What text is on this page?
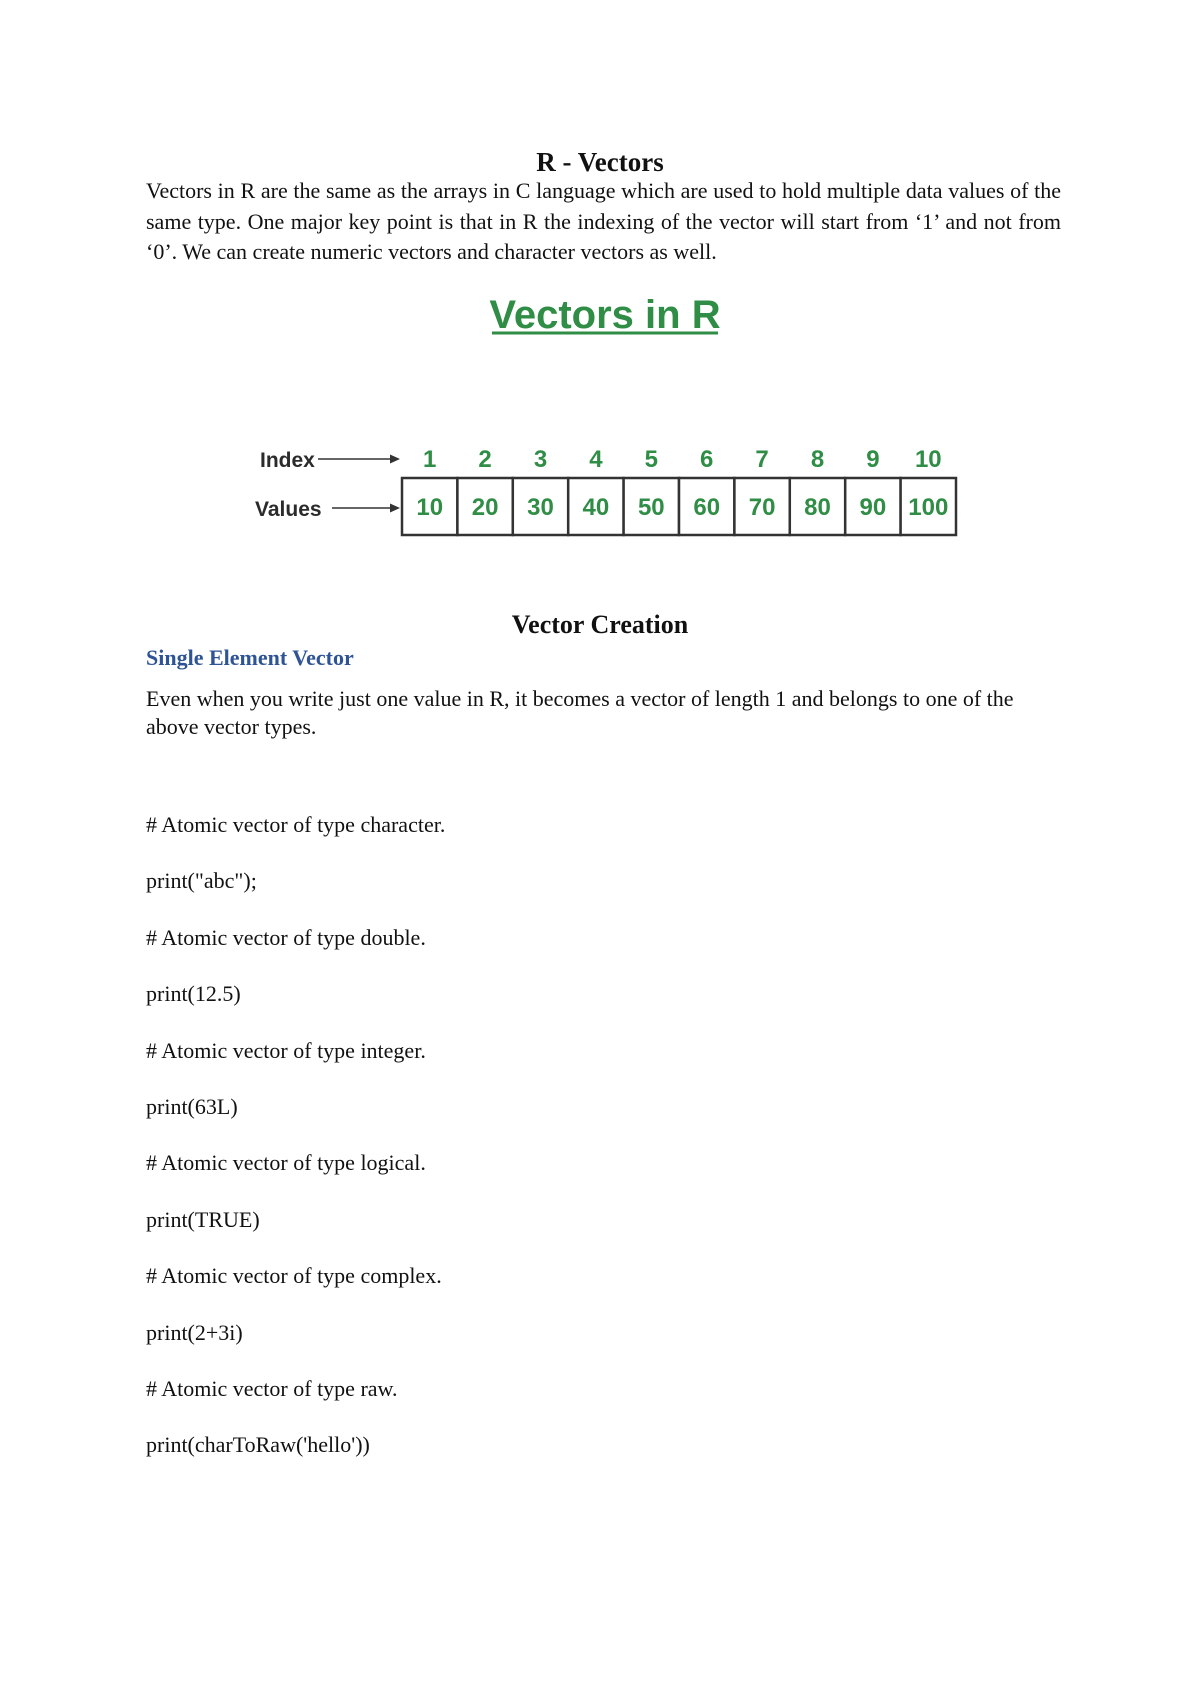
R - Vectors
Vectors in R are the same as the arrays in C language which are used to hold multiple data values of the same type. One major key point is that in R the indexing of the vector will start from ‘1’ and not from ‘0’. We can create numeric vectors and character vectors as well.
Vectors in R
Index
Values
1
10
2
20
3
30
4
40
5
50
6
60
7
70
8
80
9
90
10
100
Vector Creation
Single Element Vector
Even when you write just one value in R, it becomes a vector of length 1 and belongs to one of the above vector types.
# Atomic vector of type character.
print("abc");
# Atomic vector of type double.
print(12.5)
# Atomic vector of type integer.
print(63L)
# Atomic vector of type logical.
print(TRUE)
# Atomic vector of type complex.
print(2+3i)
# Atomic vector of type raw.
print(charToRaw('hello'))
